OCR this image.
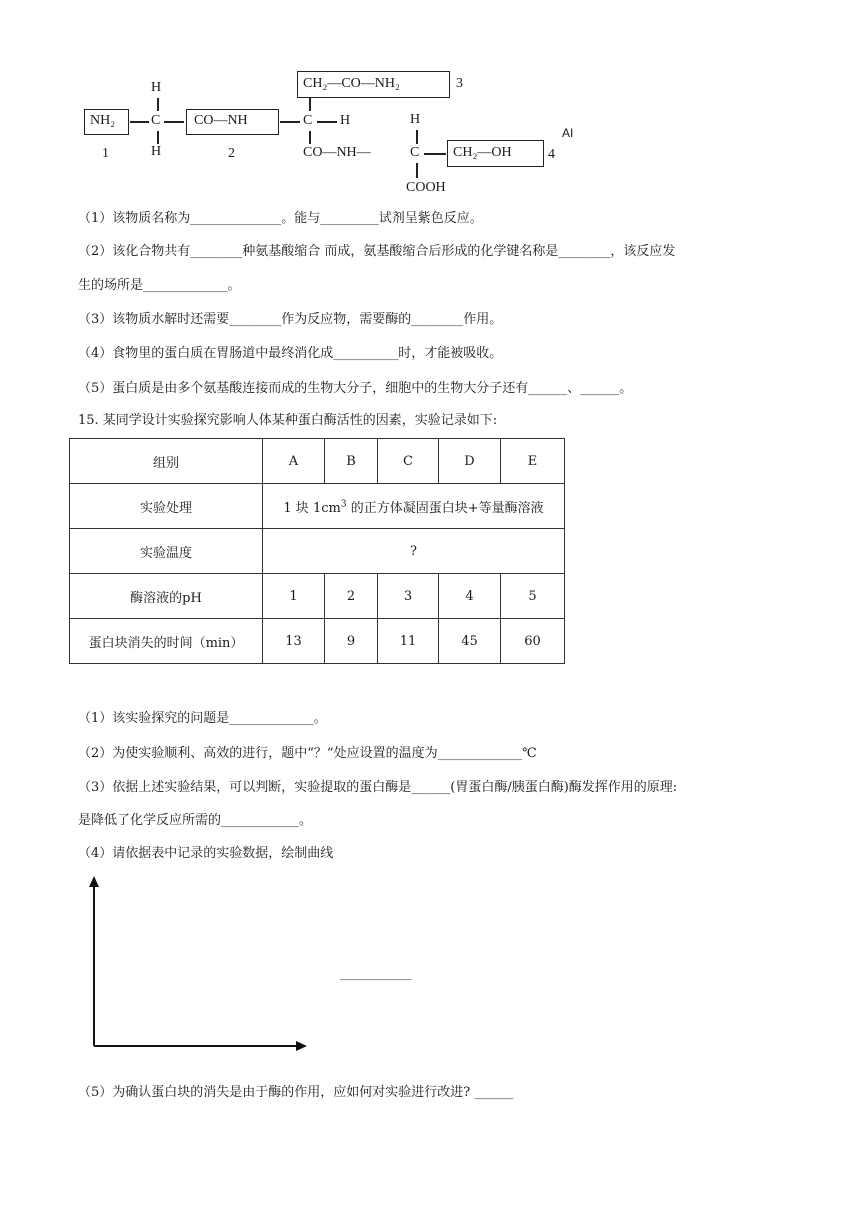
H
NH₂	C
H
1
CO—NH
2
CH₂—CO—NH₂	3
C H
CO—NH—
H
C CH₂—OH	4
AI
COOH
（1）该物质名称为______________。能与_________试剂呈紫色反应。
（2）该化合物共有________种氨基酸缩合 而成，氨基酸缩合后形成的化学键名称是________，该反应发
生的场所是_____________。
（3）该物质水解时还需要________作为反应物，需要酶的________作用。
（4）食物里的蛋白质在胃肠道中最终消化成__________时，才能被吸收。
（5）蛋白质是由多个氨基酸连接而成的生物大分子，细胞中的生物大分子还有______、______。
15. 某同学设计实验探究影响人体某种蛋白酶活性的因素，实验记录如下:
组别	A	B	C	D	E
实验处理	1 块 $1cm^3$ 的正方体凝固蛋白块+等量酶溶液				
实验温度	?				
酶溶液的pH	1	2	3	4	5
蛋白块消失的时间（min）	13	9	11	45	60
（1）该实验探究的问题是_____________。
（2）为使实验顺利、高效的进行，题中“？“处应设置的温度为_____________℃
（3）依据上述实验结果，可以判断，实验提取的蛋白酶是______(胃蛋白酶/胰蛋白酶)酶发挥作用的原理:
是降低了化学反应所需的____________。
（4）请依据表中记录的实验数据，绘制曲线
___________
（5）为确认蛋白块的消失是由于酶的作用，应如何对实验进行改进? ______
